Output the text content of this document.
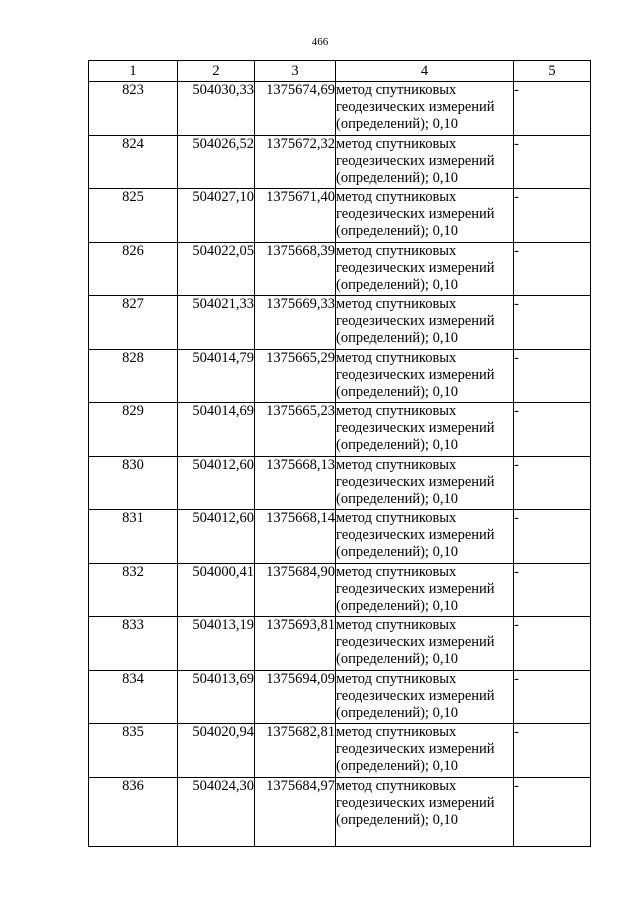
466
1	2	3	4	5
823	504030,33	1375674,69	метод спутниковых
геодезических измерений
(определений); 0,10	-
824	504026,52	1375672,32	метод спутниковых
геодезических измерений
(определений); 0,10	-
825	504027,10	1375671,40	метод спутниковых
геодезических измерений
(определений); 0,10	-
826	504022,05	1375668,39	метод спутниковых
геодезических измерений
(определений); 0,10	-
827	504021,33	1375669,33	метод спутниковых
геодезических измерений
(определений); 0,10	-
828	504014,79	1375665,29	метод спутниковых
геодезических измерений
(определений); 0,10	-
829	504014,69	1375665,23	метод спутниковых
геодезических измерений
(определений); 0,10	-
830	504012,60	1375668,13	метод спутниковых
геодезических измерений
(определений); 0,10	-
831	504012,60	1375668,14	метод спутниковых
геодезических измерений
(определений); 0,10	-
832	504000,41	1375684,90	метод спутниковых
геодезических измерений
(определений); 0,10	-
833	504013,19	1375693,81	метод спутниковых
геодезических измерений
(определений); 0,10	-
834	504013,69	1375694,09	метод спутниковых
геодезических измерений
(определений); 0,10	-
835	504020,94	1375682,81	метод спутниковых
геодезических измерений
(определений); 0,10	-
836	504024,30	1375684,97	метод спутниковых
геодезических измерений
(определений); 0,10	-
